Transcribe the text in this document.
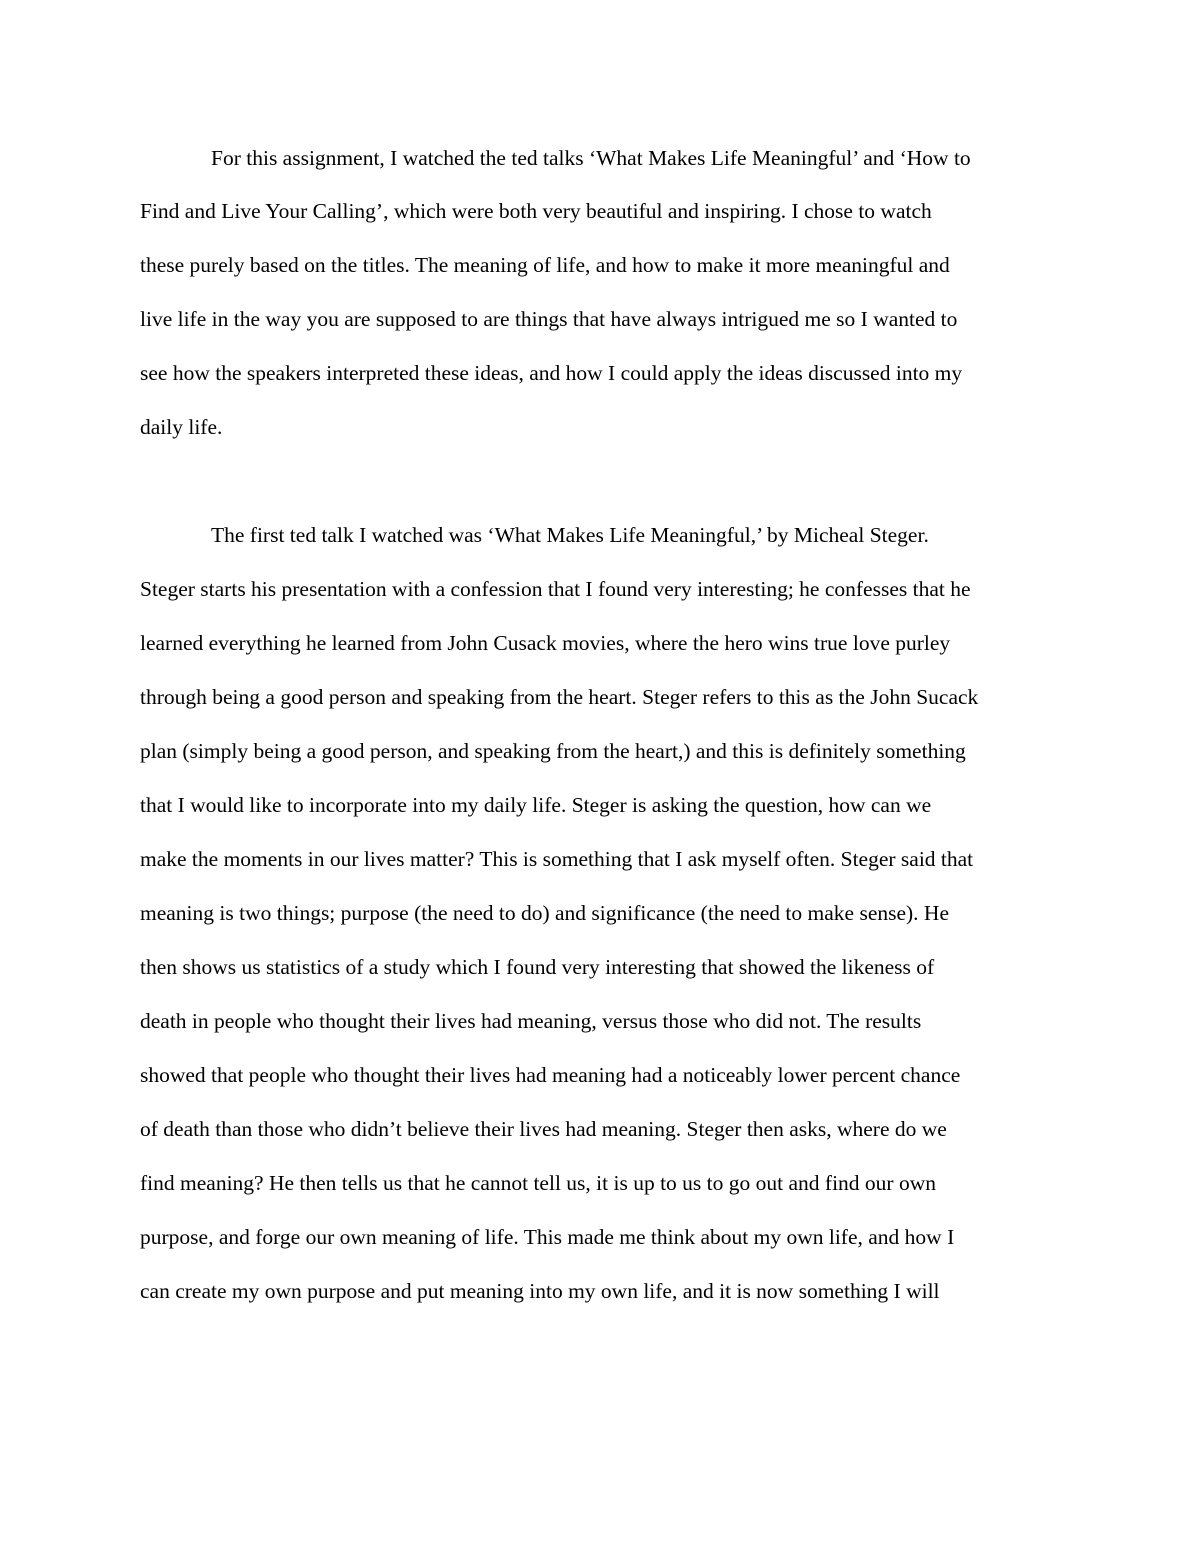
For this assignment, I watched the ted talks ‘What Makes Life Meaningful’ and ‘How to

Find and Live Your Calling’, which were both very beautiful and inspiring. I chose to watch

these purely based on the titles. The meaning of life, and how to make it more meaningful and

live life in the way you are supposed to are things that have always intrigued me so I wanted to

see how the speakers interpreted these ideas, and how I could apply the ideas discussed into my

daily life.

The first ted talk I watched was ‘What Makes Life Meaningful,’ by Micheal Steger.

Steger starts his presentation with a confession that I found very interesting; he confesses that he

learned everything he learned from John Cusack movies, where the hero wins true love purley

through being a good person and speaking from the heart. Steger refers to this as the John Sucack

plan (simply being a good person, and speaking from the heart,) and this is definitely something

that I would like to incorporate into my daily life. Steger is asking the question, how can we

make the moments in our lives matter? This is something that I ask myself often. Steger said that

meaning is two things; purpose (the need to do) and significance (the need to make sense). He

then shows us statistics of a study which I found very interesting that showed the likeness of

death in people who thought their lives had meaning, versus those who did not. The results

showed that people who thought their lives had meaning had a noticeably lower percent chance

of death than those who didn’t believe their lives had meaning. Steger then asks, where do we

find meaning? He then tells us that he cannot tell us, it is up to us to go out and find our own

purpose, and forge our own meaning of life. This made me think about my own life, and how I

can create my own purpose and put meaning into my own life, and it is now something I will
